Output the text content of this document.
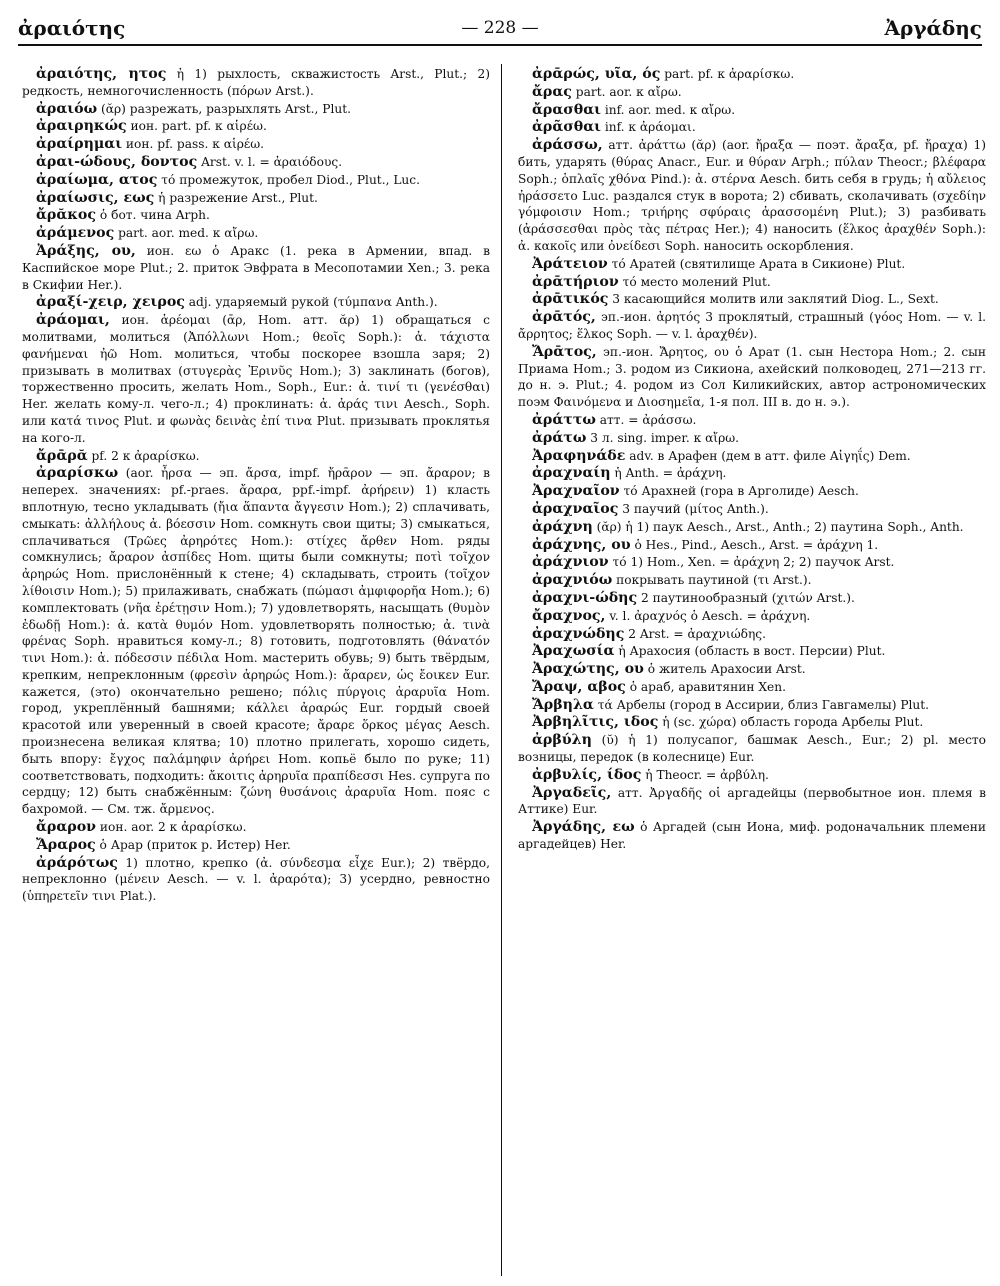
ἀραιότης	— 228 —	Ἀργάδης

ἀραιότης, ητος ἡ 1) рыхлость, скважистость Arst., Plut.; 2) редкость, немногочисленность (πόρων Arst.).

ἀραιόω (ᾰρ) разрежать, разрыхлять Arst., Plut.

ἀραιρηκώς ион. part. pf. к αἱρέω.

ἀραίρημαι ион. pf. pass. к αἱρέω.

ἀραι-ώδους, δοντος Arst. v. l. = ἀραιόδους.

ἀραίωμα, ατος τό промежуток, пробел Diod., Plut., Luc.

ἀραίωσις, εως ἡ разрежение Arst., Plut.

ἄρᾰκος ὁ бот. чина Arph.

ἀράμενος part. aor. med. к αἴρω.

Ἀράξης, ου, ион. εω ὁ Аракс (1. река в Армении, впад. в Каспийское море Plut.; 2. приток Эвфрата в Месопотамии Xen.; 3. река в Скифии Her.).

ἀραξί-χειρ, χειρος adj. ударяемый рукой (τύμπανα Anth.).

ἀράομαι, ион. ἀρέομαι (ᾱρ, Hom. атт. ᾰρ) 1) обращаться с молитвами, молиться (Ἀπόλλωνι Hom.; θεοῖς Soph.): ἀ. τάχιστα φανήμεναι ἠῶ Hom. молиться, чтобы поскорее взошла заря; 2) призывать в молитвах (στυγερὰς Ἐρινῦς Hom.); 3) заклинать (богов), торжественно просить, желать Hom., Soph., Eur.: ἀ. τινί τι (γενέσθαι) Her. желать кому-л. чего-л.; 4) проклинать: ἀ. ἀράς τινι Aesch., Soph. или κατά τινος Plut. и φωνὰς δεινὰς ἐπί τινα Plut. призывать проклятья на кого-л.

ἄρᾱρᾰ pf. 2 к ἀραρίσκω.

ἀραρίσκω (aor. ἦρσα — эп. ἄρσα, impf. ἤρᾱρον — эп. ἄραρον; в неперех. значениях: pf.-praes. ἄραρα, ppf.-impf. ἀρήρειν) 1) класть вплотную, тесно укладывать (ἤια ἅπαντα ἄγγεσιν Hom.); 2) сплачивать, смыкать: ἀλλήλους ἀ. βόεσσιν Hom. сомкнуть свои щиты; 3) смыкаться, сплачиваться (Τρῶες ἀρηρότες Hom.): στίχες ἄρθεν Hom. ряды сомкнулись; ἄραρον ἀσπίδες Hom. щиты были сомкнуты; ποτὶ τοῖχον ἀρηρώς Hom. прислонённый к стене; 4) складывать, строить (τοῖχον λίθοισιν Hom.); 5) прилаживать, снабжать (πώμασι ἀμφιφορῆα Hom.); 6) комплектовать (νῆα ἐρέτῃσιν Hom.); 7) удовлетворять, насыщать (θυμὸν ἐδωδῇ Hom.): ἀ. κατὰ θυμόν Hom. удовлетворять полностью; ἀ. τινὰ φρένας Soph. нравиться кому-л.; 8) готовить, подготовлять (θάνατόν τινι Hom.): ἀ. πόδεσσιν πέδιλα Hom. мастерить обувь; 9) быть твёрдым, крепким, непреклонным (φρεσὶν ἀρηρώς Hom.): ἄραρεν, ὡς ἔοικεν Eur. кажется, (это) окончательно решено; πόλις πύργοις ἀραρυῖα Hom. город, укреплённый башнями; κάλλει ἀραρώς Eur. гордый своей красотой или уверенный в своей красоте; ἄραρε ὅρκος μέγας Aesch. произнесена великая клятва; 10) плотно прилегать, хорошо сидеть, быть впору: ἔγχος παλάμηφιν ἀρήρει Hom. копьё было по руке; 11) соответствовать, подходить: ἄκοιτις ἀρηρυῖα πραπίδεσσι Hes. супруга по сердцу; 12) быть снабжённым: ζώνη θυσάνοις ἀραρυῖα Hom. пояс с бахромой. — См. тж. ἄρμενος.

ἄραρον ион. aor. 2 к ἀραρίσκω.

Ἄραρος ὁ Арар (приток р. Истер) Her.

ἀράρότως 1) плотно, крепко (ἀ. σύνδεσμα εἶχε Eur.); 2) твёрдо, непреклонно (μένειν Aesch. — v. l. ἀραρότα); 3) усердно, ревностно (ὑπηρετεῖν τινι Plat.).

ἀρᾱρώς, υῖα, ός part. pf. к ἀραρίσκω.

ἄρας part. aor. к αἴρω.

ἄρασθαι inf. aor. med. к αἴρω.

ἀρᾶσθαι inf. к ἀράομαι.

ἀράσσω, атт. ἀράττω (ᾰρ) (aor. ἤραξα — поэт. ἄραξα, pf. ἤραχα) 1) бить, ударять (θύρας Anacr., Eur. и θύραν Arph.; πύλαν Theocr.; βλέφαρα Soph.; ὁπλαῖς χθόνα Pind.): ἀ. στέρνα Aesch. бить себя в грудь; ἡ αὔλειος ἠράσσετο Luc. раздался стук в ворота; 2) сбивать, сколачивать (σχεδίην γόμφοισιν Hom.; τριήρης σφύραις ἀρασσομένη Plut.); 3) разбивать (ἀράσσεσθαι πρὸς τὰς πέτρας Her.); 4) наносить (ἕλκος ἀραχθέν Soph.): ἀ. κακοῖς или ὀνείδεσι Soph. наносить оскорбления.

Ἀράτειον τό Аратей (святилище Арата в Сикионе) Plut.

ἀρᾱτήριον τό место молений Plut.

ἀρᾱτικός 3 касающийся молитв или заклятий Diog. L., Sext.

ἀρᾱτός, эп.-ион. ἀρητός 3 проклятый, страшный (γόος Hom. — v. l. ἄρρητος; ἕλκος Soph. — v. l. ἀραχθέν).

Ἄρᾱτος, эп.-ион. Ἄρητος, ου ὁ Арат (1. сын Нестора Hom.; 2. сын Приама Hom.; 3. родом из Сикиона, ахейский полководец, 271—213 гг. до н. э. Plut.; 4. родом из Сол Киликийских, автор астрономических поэм Φαινόμενα и Διοσημεῖα, 1-я пол. III в. до н. э.).

ἀράττω атт. = ἀράσσω.

ἀράτω 3 л. sing. imper. к αἴρω.

Ἀραφηνάδε adv. в Арафен (дем в атт. филе Αἰγηΐς) Dem.

ἀραχναίη ἡ Anth. = ἀράχνη.

Ἀραχναῖον τό Арахней (гора в Арголиде) Aesch.

ἀραχναῖος 3 паучий (μίτος Anth.).

ἀράχνη (ᾰρ) ἡ 1) паук Aesch., Arst., Anth.; 2) паутина Soph., Anth.

ἀράχνης, ου ὁ Hes., Pind., Aesch., Arst. = ἀράχνη 1.

ἀράχνιον τό 1) Hom., Xen. = ἀράχνη 2; 2) паучок Arst.

ἀραχνιόω покрывать паутиной (τι Arst.).

ἀραχνι-ώδης 2 паутинообразный (χιτών Arst.).

ἄραχνος, v. l. ἀραχνός ὁ Aesch. = ἀράχνη.

ἀραχνώδης 2 Arst. = ἀραχνιώδης.

Ἀραχωσία ἡ Арахосия (область в вост. Персии) Plut.

Ἀραχώτης, ου ὁ житель Арахосии Arst.

Ἄραψ, αβος ὁ араб, аравитянин Xen.

Ἄρβηλα τά Арбелы (город в Ассирии, близ Гавгамелы) Plut.

Ἀρβηλῖτις, ιδος ἡ (sc. χώρα) область города Арбелы Plut.

ἀρβύλη (ῠ) ἡ 1) полусапог, башмак Aesch., Eur.; 2) pl. место возницы, передок (в колеснице) Eur.

ἀρβυλίς, ίδος ἡ Theocr. = ἀρβύλη.

Ἀργαδεῖς, атт. Ἀργαδῆς οἱ аргадейцы (первобытное ион. племя в Аттике) Eur.

Ἀργάδης, εω ὁ Аргадей (сын Иона, миф. родоначальник племени аргадейцев) Her.
